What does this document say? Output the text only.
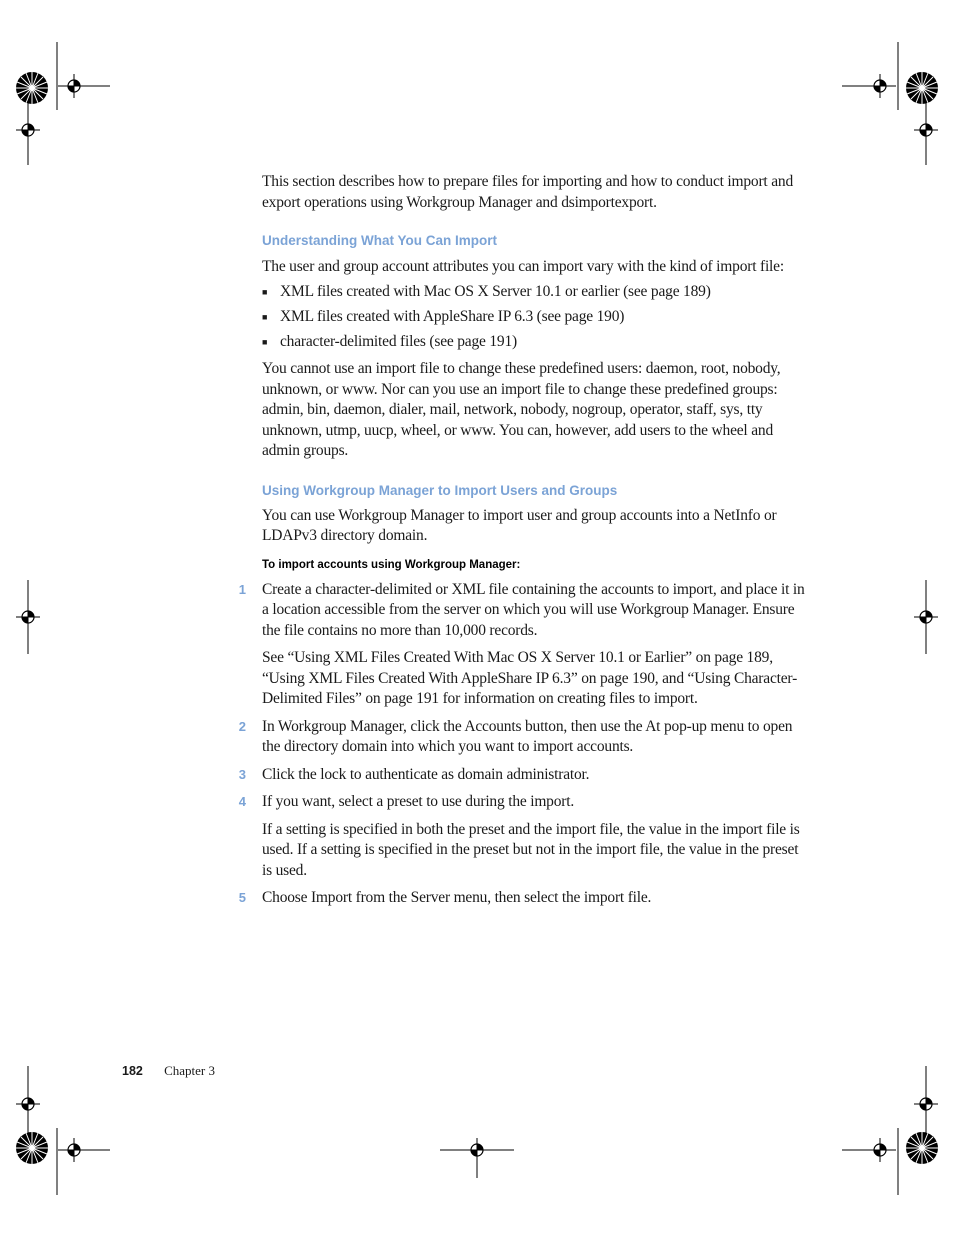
This section describes how to prepare files for importing and how to conduct import and export operations using Workgroup Manager and dsimportexport.

Understanding What You Can Import

The user and group account attributes you can import vary with the kind of import file:

■ XML files created with Mac OS X Server 10.1 or earlier (see page 189)

■ XML files created with AppleShare IP 6.3 (see page 190)

■ character-delimited files (see page 191)

You cannot use an import file to change these predefined users: daemon, root, nobody, unknown, or www. Nor can you use an import file to change these predefined groups: admin, bin, daemon, dialer, mail, network, nobody, nogroup, operator, staff, sys, tty unknown, utmp, uucp, wheel, or www. You can, however, add users to the wheel and admin groups.

Using Workgroup Manager to Import Users and Groups

You can use Workgroup Manager to import user and group accounts into a NetInfo or LDAPv3 directory domain.

To import accounts using Workgroup Manager:
1 Create a character-delimited or XML file containing the accounts to import, and place it in a location accessible from the server on which you will use Workgroup Manager. Ensure the file contains no more than 10,000 records.

See “Using XML Files Created With Mac OS X Server 10.1 or Earlier” on page 189, “Using XML Files Created With AppleShare IP 6.3” on page 190, and “Using Character-Delimited Files” on page 191 for information on creating files to import.

2 In Workgroup Manager, click the Accounts button, then use the At pop-up menu to open the directory domain into which you want to import accounts.

3 Click the lock to authenticate as domain administrator.

4 If you want, select a preset to use during the import.

If a setting is specified in both the preset and the import file, the value in the import file is used. If a setting is specified in the preset but not in the import file, the value in the preset is used.

5 Choose Import from the Server menu, then select the import file.

182 Chapter 3
